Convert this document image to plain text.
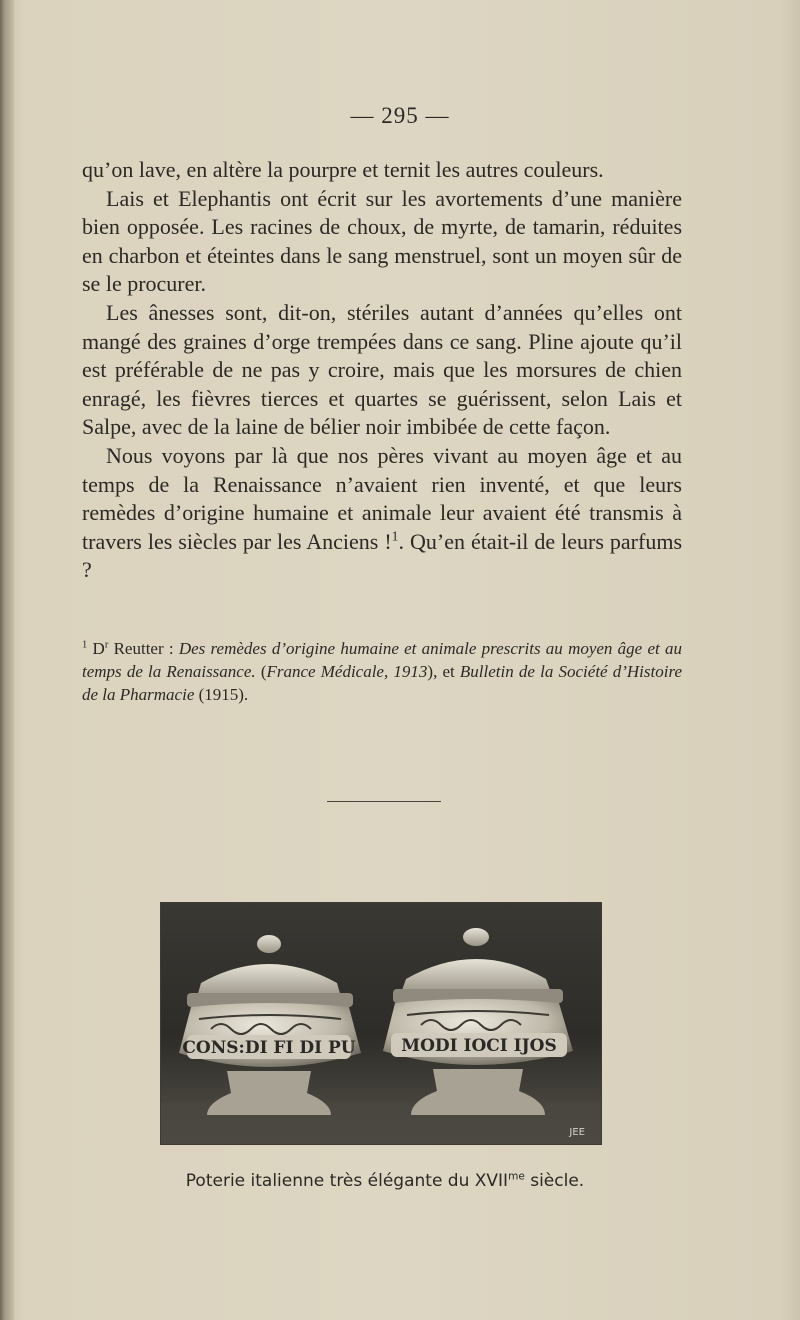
— 295 —

qu’on lave, en altère la pourpre et ternit les autres couleurs.

Lais et Elephantis ont écrit sur les avortements d’une manière bien opposée. Les racines de choux, de myrte, de tamarin, réduites en charbon et éteintes dans le sang menstruel, sont un moyen sûr de se le procurer.

Les ânesses sont, dit-on, stériles autant d’années qu’elles ont mangé des graines d’orge trempées dans ce sang. Pline ajoute qu’il est préférable de ne pas y croire, mais que les morsures de chien enragé, les fièvres tierces et quartes se guérissent, selon Lais et Salpe, avec de la laine de bélier noir imbibée de cette façon.

Nous voyons par là que nos pères vivant au moyen âge et au temps de la Renaissance n’avaient rien inventé, et que leurs remèdes d’origine humaine et animale leur avaient été transmis à travers les siècles par les Anciens !$^1$. Qu’en était-il de leurs parfums ?

$^1$ $D^r$ Reutter : Des remèdes d’origine humaine et animale prescrits au moyen âge et au temps de la Renaissance. (France Médicale, 1913), et Bulletin de la Société d’Histoire de la Pharmacie (1915).
CONS:DI FI DI PU	MODI IOCI IJOS
JEE
Poterie italienne très élégante du $XVII^{me}$ siècle.
